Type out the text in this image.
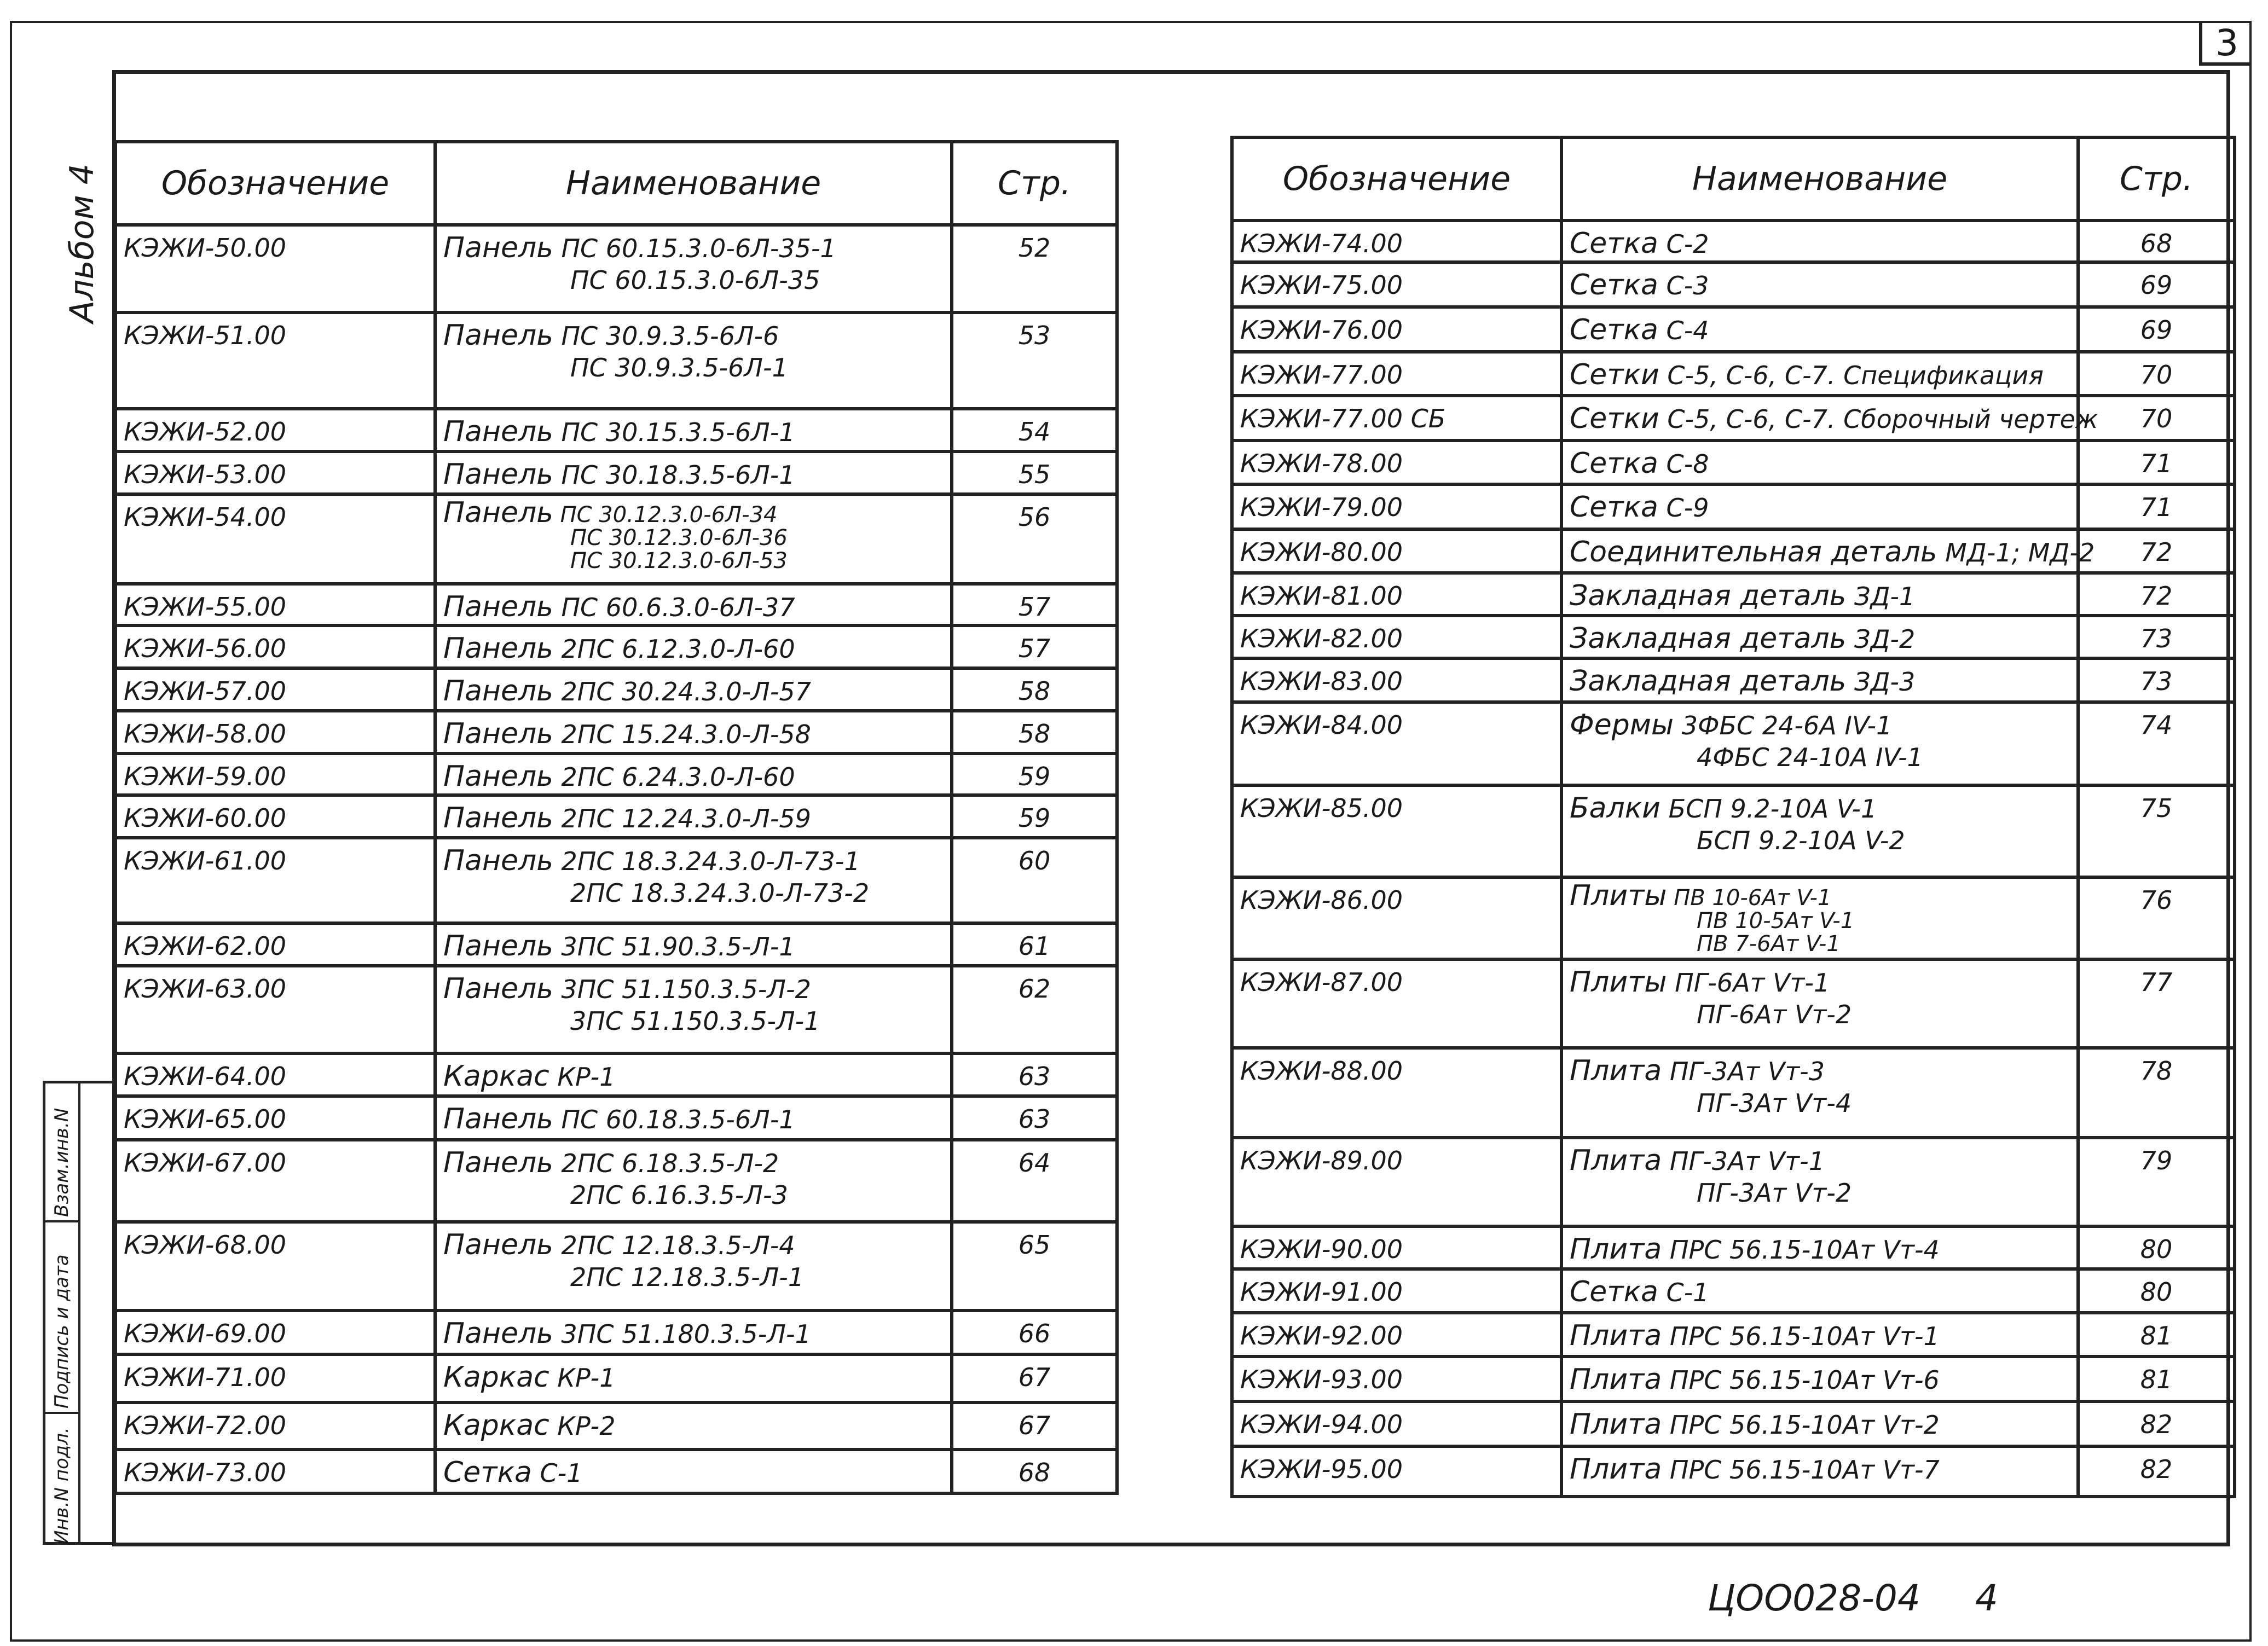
3
Альбом 4
Инв.N подл.
Подпись и дата
Взам.инв.N
Обозначение	Наименование	Стр.
КЭЖИ-50.00	Панель ПС 60.15.3.0-6Л-35-1
ПС 60.15.3.0-6Л-35	52
КЭЖИ-51.00	Панель ПС 30.9.3.5-6Л-6
ПС 30.9.3.5-6Л-1	53
КЭЖИ-52.00	Панель ПС 30.15.3.5-6Л-1	54
КЭЖИ-53.00	Панель ПС 30.18.3.5-6Л-1	55
КЭЖИ-54.00	Панель ПС 30.12.3.0-6Л-34
ПС 30.12.3.0-6Л-36
ПС 30.12.3.0-6Л-53	56
КЭЖИ-55.00	Панель ПС 60.6.3.0-6Л-37	57
КЭЖИ-56.00	Панель 2ПС 6.12.3.0-Л-60	57
КЭЖИ-57.00	Панель 2ПС 30.24.3.0-Л-57	58
КЭЖИ-58.00	Панель 2ПС 15.24.3.0-Л-58	58
КЭЖИ-59.00	Панель 2ПС 6.24.3.0-Л-60	59
КЭЖИ-60.00	Панель 2ПС 12.24.3.0-Л-59	59
КЭЖИ-61.00	Панель 2ПС 18.3.24.3.0-Л-73-1
2ПС 18.3.24.3.0-Л-73-2	60
КЭЖИ-62.00	Панель 3ПС 51.90.3.5-Л-1	61
КЭЖИ-63.00	Панель 3ПС 51.150.3.5-Л-2
3ПС 51.150.3.5-Л-1	62
КЭЖИ-64.00	Каркас КР-1	63
КЭЖИ-65.00	Панель ПС 60.18.3.5-6Л-1	63
КЭЖИ-67.00	Панель 2ПС 6.18.3.5-Л-2
2ПС 6.16.3.5-Л-3	64
КЭЖИ-68.00	Панель 2ПС 12.18.3.5-Л-4
2ПС 12.18.3.5-Л-1	65
КЭЖИ-69.00	Панель 3ПС 51.180.3.5-Л-1	66
КЭЖИ-71.00	Каркас КР-1	67
КЭЖИ-72.00	Каркас КР-2	67
КЭЖИ-73.00	Сетка С-1	68
Обозначение	Наименование	Стр.
КЭЖИ-74.00	Сетка С-2	68
КЭЖИ-75.00	Сетка С-3	69
КЭЖИ-76.00	Сетка С-4	69
КЭЖИ-77.00	Сетки С-5, С-6, С-7. Спецификация	70
КЭЖИ-77.00 СБ	Сетки С-5, С-6, С-7. Сборочный чертеж	70
КЭЖИ-78.00	Сетка С-8	71
КЭЖИ-79.00	Сетка С-9	71
КЭЖИ-80.00	Соединительная деталь МД-1; МД-2	72
КЭЖИ-81.00	Закладная деталь ЗД-1	72
КЭЖИ-82.00	Закладная деталь ЗД-2	73
КЭЖИ-83.00	Закладная деталь ЗД-3	73
КЭЖИ-84.00	Фермы 3ФБС 24-6А IV-1
4ФБС 24-10А IV-1	74
КЭЖИ-85.00	Балки БСП 9.2-10А V-1
БСП 9.2-10А V-2	75
КЭЖИ-86.00	Плиты ПВ 10-6Ат V-1
ПВ 10-5Ат V-1
ПВ 7-6Ат V-1	76
КЭЖИ-87.00	Плиты ПГ-6Ат Vт-1
ПГ-6Ат Vт-2	77
КЭЖИ-88.00	Плита ПГ-3Ат Vт-3
ПГ-3Ат Vт-4	78
КЭЖИ-89.00	Плита ПГ-3Ат Vт-1
ПГ-3Ат Vт-2	79
КЭЖИ-90.00	Плита ПРС 56.15-10Ат Vт-4	80
КЭЖИ-91.00	Сетка С-1	80
КЭЖИ-92.00	Плита ПРС 56.15-10Ат Vт-1	81
КЭЖИ-93.00	Плита ПРС 56.15-10Ат Vт-6	81
КЭЖИ-94.00	Плита ПРС 56.15-10Ат Vт-2	82
КЭЖИ-95.00	Плита ПРС 56.15-10Ат Vт-7	82
ЦОО028-04 4
